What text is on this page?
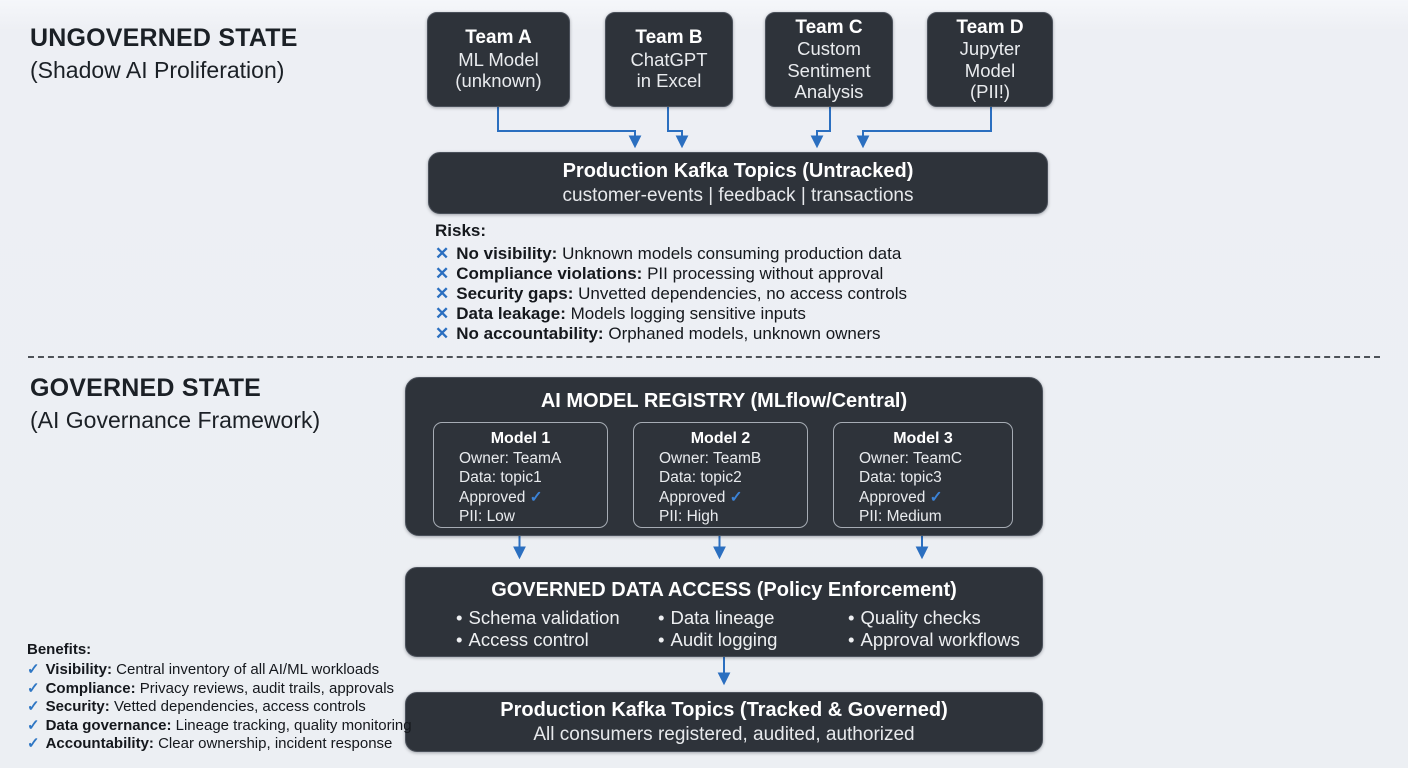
UNGOVERNED STATE
(Shadow AI Proliferation)
Team A
ML Model
(unknown)
Team B
ChatGPT
in Excel
Team C
Custom
Sentiment
Analysis
Team D
Jupyter
Model
(PII!)
Production Kafka Topics (Untracked)
customer-events | feedback | transactions
Risks:
✕ No visibility: Unknown models consuming production data
✕ Compliance violations: PII processing without approval
✕ Security gaps: Unvetted dependencies, no access controls
✕ Data leakage: Models logging sensitive inputs
✕ No accountability: Orphaned models, unknown owners
GOVERNED STATE
(AI Governance Framework)
AI MODEL REGISTRY (MLflow/Central)
Model 1
Owner: TeamA
Data: topic1
Approved ✓
PII: Low
Model 2
Owner: TeamB
Data: topic2
Approved ✓
PII: High
Model 3
Owner: TeamC
Data: topic3
Approved ✓
PII: Medium
GOVERNED DATA ACCESS (Policy Enforcement)
• Schema validation
• Access control
• Data lineage
• Audit logging
• Quality checks
• Approval workflows
Production Kafka Topics (Tracked & Governed)
All consumers registered, audited, authorized
Benefits:
✓ Visibility: Central inventory of all AI/ML workloads
✓ Compliance: Privacy reviews, audit trails, approvals
✓ Security: Vetted dependencies, access controls
✓ Data governance: Lineage tracking, quality monitoring
✓ Accountability: Clear ownership, incident response
